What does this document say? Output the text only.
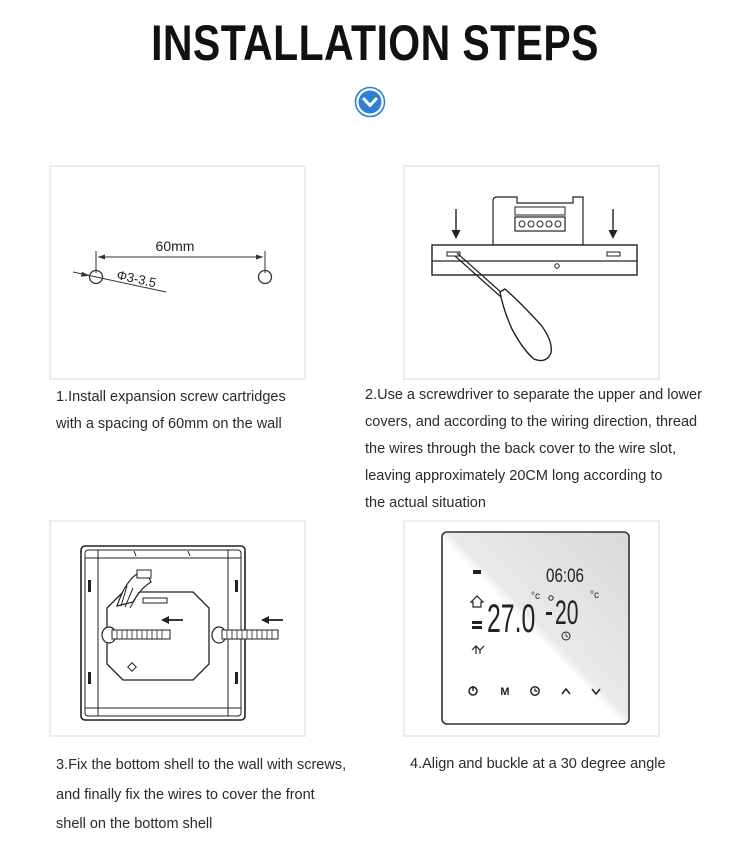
INSTALLATION STEPS
60mm
Φ3-3.5
06:06
27.0
°c 20 °c
M
1.Install expansion screw cartridges
with a spacing of 60mm on the wall
2.Use a screwdriver to separate the upper and lower
covers, and according to the wiring direction, thread
the wires through the back cover to the wire slot,
leaving approximately 20CM long according to
the actual situation
3.Fix the bottom shell to the wall with screws,
and finally fix the wires to cover the front
shell on the bottom shell
4.Align and buckle at a 30 degree angle
